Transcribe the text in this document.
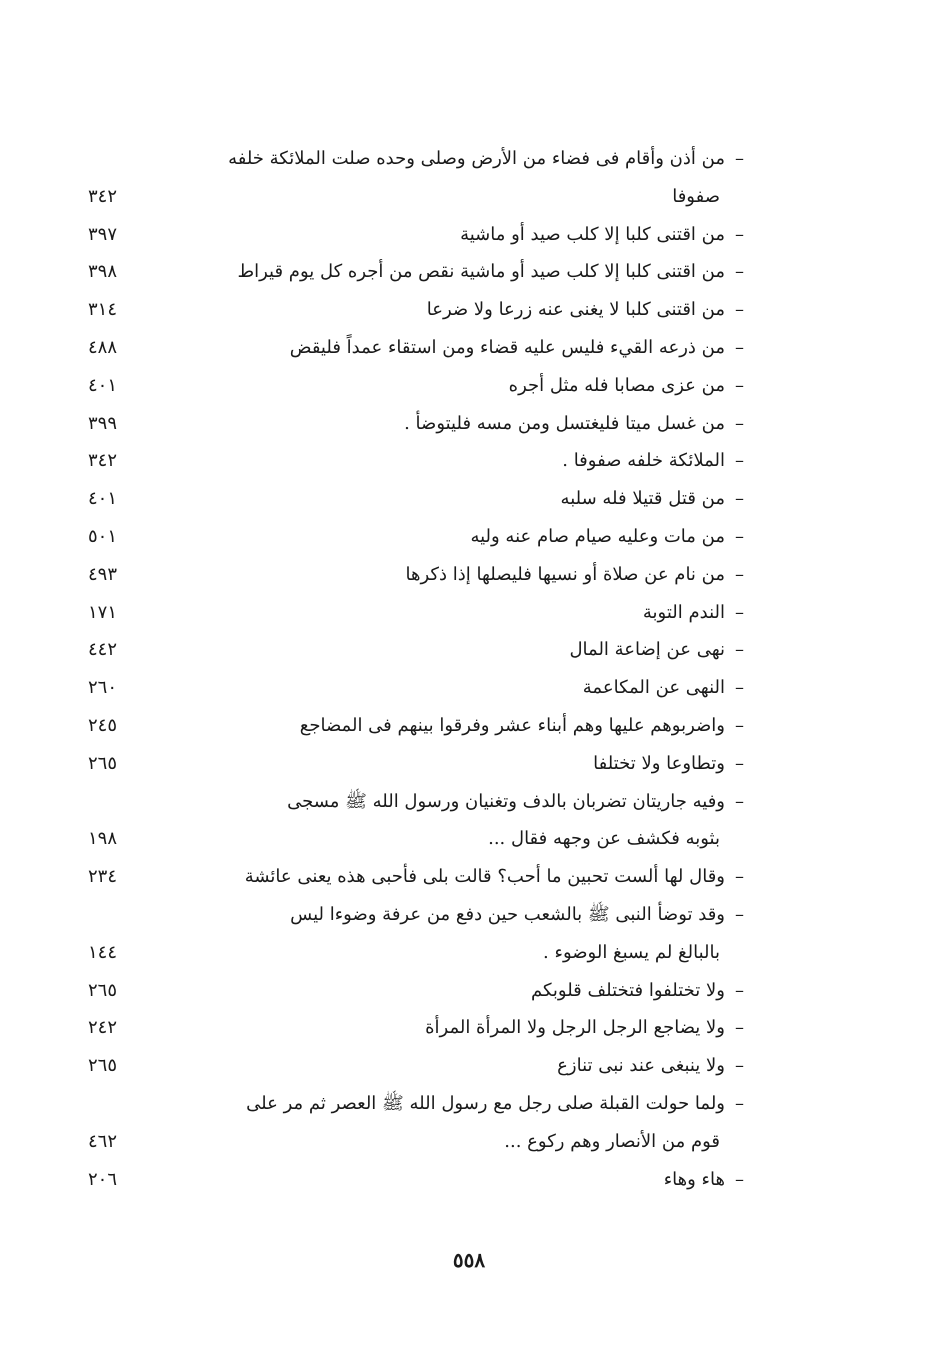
–من أذن وأقام فى فضاء من الأرض وصلى وحده صلت الملائكة خلفه
صفوفا
٣٤٢
–من اقتنى كلبا إلا كلب صيد أو ماشية
٣٩٧
–من اقتنى كلبا إلا كلب صيد أو ماشية نقص من أجره كل يوم قيراط
٣٩٨
–من اقتنى كلبا لا يغنى عنه زرعا ولا ضرعا
٣١٤
–من ذرعه القيء فليس عليه قضاء ومن استقاء عمداً فليقض
٤٨٨
–من عزى مصابا فله مثل أجره
٤٠١
–من غسل ميتا فليغتسل ومن مسه فليتوضأ .
٣٩٩
–الملائكة خلفه صفوفا .
٣٤٢
–من قتل قتيلا فله سلبه
٤٠١
–من مات وعليه صيام صام عنه وليه
٥٠١
–من نام عن صلاة أو نسيها فليصلها إذا ذكرها
٤٩٣
–الندم التوبة
١٧١
–نهى عن إضاعة المال
٤٤٢
–النهى عن المكاعمة
٢٦٠
–واضربوهم عليها وهم أبناء عشر وفرقوا بينهم فى المضاجع
٢٤٥
–وتطاوعا ولا تختلفا
٢٦٥
–وفيه جاريتان تضربان بالدف وتغنيان ورسول الله ﷺ مسجى
بثوبه فكشف عن وجهه فقال ...
١٩٨
–وقال لها ألست تحبين ما أحب؟ قالت بلى فأحبى هذه يعنى عائشة
٢٣٤
–وقد توضأ النبى ﷺ بالشعب حين دفع من عرفة وضوءا ليس
بالبالغ لم يسبغ الوضوء .
١٤٤
–ولا تختلفوا فتختلف قلوبكم
٢٦٥
–ولا يضاجع الرجل الرجل ولا المرأة المرأة
٢٤٢
–ولا ينبغى عند نبى تنازع
٢٦٥
–ولما حولت القبلة صلى رجل مع رسول الله ﷺ العصر ثم مر على
قوم من الأنصار وهم ركوع ...
٤٦٢
–هاء وهاء
٢٠٦
٥٥٨
